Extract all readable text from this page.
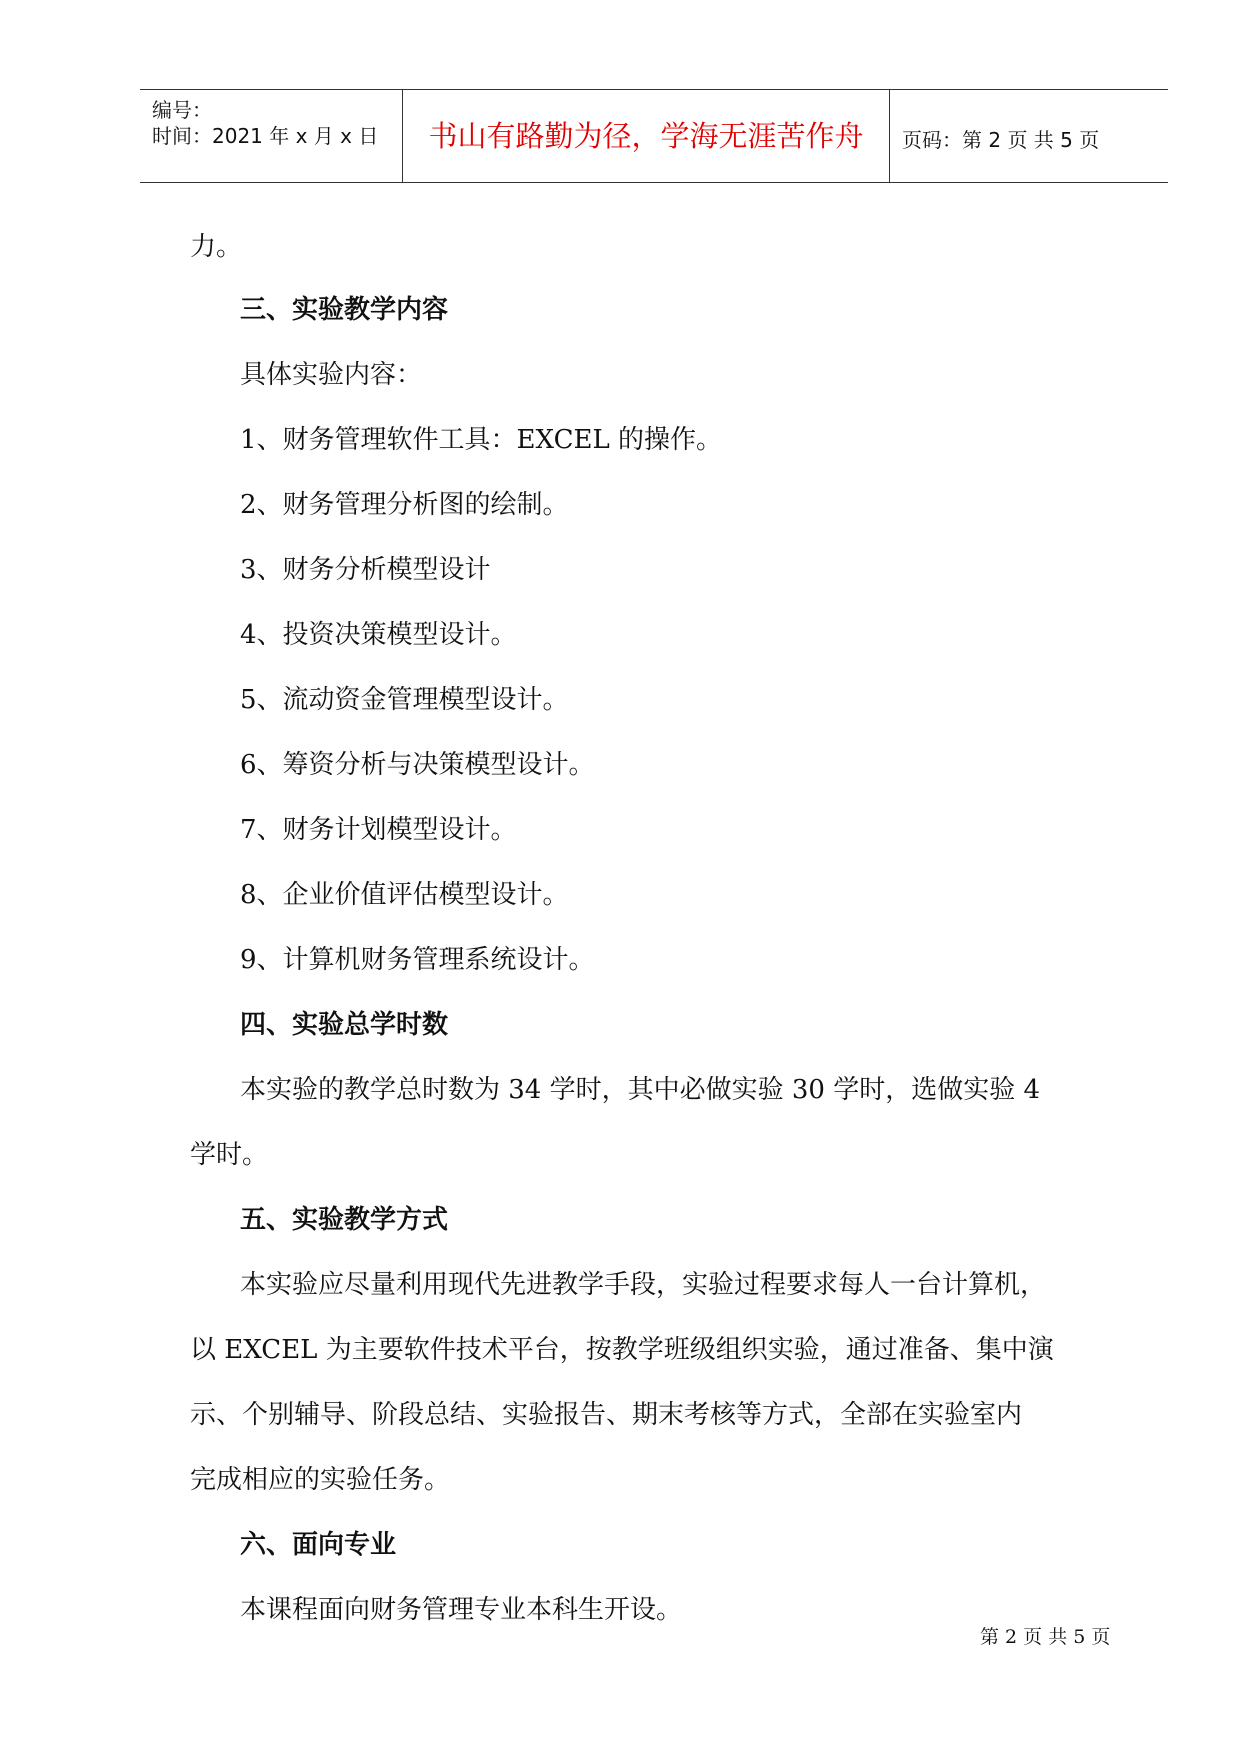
编号：
时间：2021 年 x 月 x 日	书山有路勤为径，学海无涯苦作舟	页码：第 2 页 共 5 页
力。
三、实验教学内容
具体实验内容：
1、财务管理软件工具：EXCEL 的操作。
2、财务管理分析图的绘制。
3、财务分析模型设计
4、投资决策模型设计。
5、流动资金管理模型设计。
6、筹资分析与决策模型设计。
7、财务计划模型设计。
8、企业价值评估模型设计。
9、计算机财务管理系统设计。
四、实验总学时数
本实验的教学总时数为 34 学时，其中必做实验 30 学时，选做实验 4
学时。
五、实验教学方式
本实验应尽量利用现代先进教学手段，实验过程要求每人一台计算机，
以 EXCEL 为主要软件技术平台，按教学班级组织实验，通过准备、集中演
示、个别辅导、阶段总结、实验报告、期末考核等方式，全部在实验室内
完成相应的实验任务。
六、面向专业
本课程面向财务管理专业本科生开设。
第 2 页 共 5 页
